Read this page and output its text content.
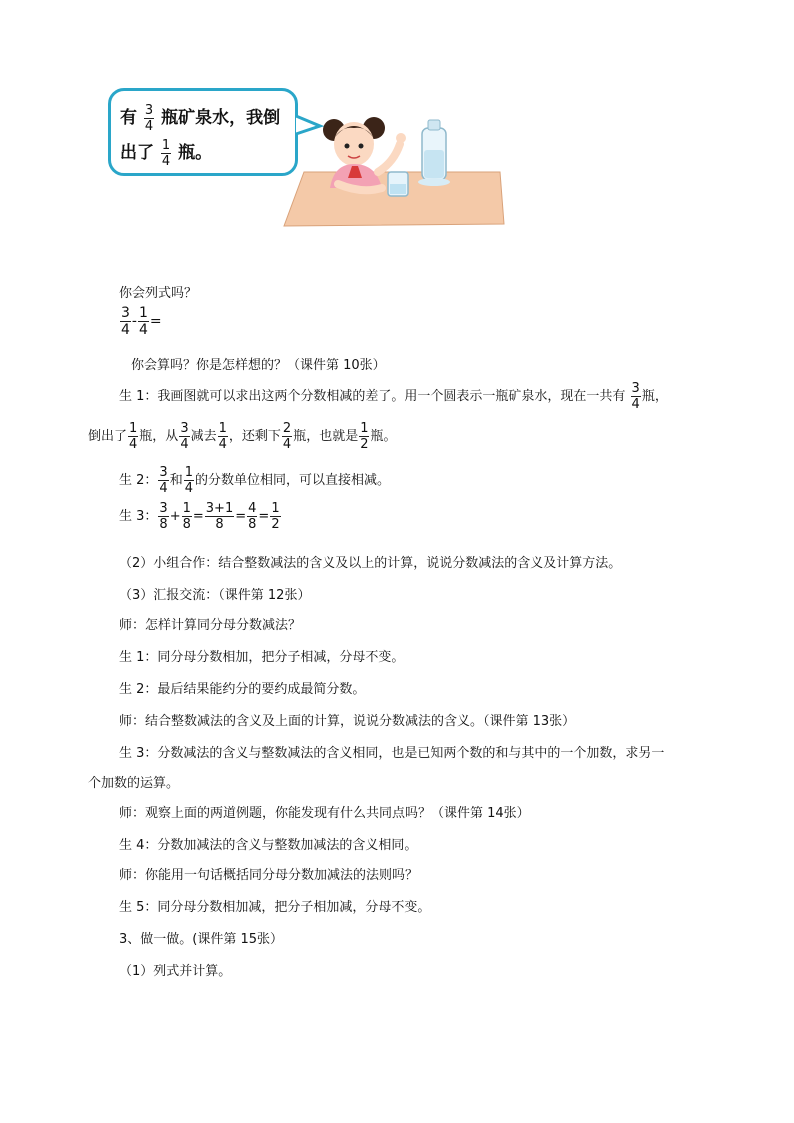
有 $\frac{3}{4}$ 瓶矿泉水，我倒
出了 $\frac{1}{4}$ 瓶。
你会列式吗？
$\frac{3}{4} - \frac{1}{4}$ =
你会算吗？你是怎样想的？（课件第 10张）
生 1：我画图就可以求出这两个分数相减的差了。用一个圆表示一瓶矿泉水，现在一共有 $\frac{3}{4}$ 瓶，
倒出了 $\frac{1}{4}$ 瓶，从 $\frac{3}{4}$ 减去 $\frac{1}{4}$ ，还剩下 $\frac{2}{4}$ 瓶，也就是 $\frac{1}{2}$ 瓶。
生 2： $\frac{3}{4}$ 和 $\frac{1}{4}$ 的分数单位相同，可以直接相减。
生 3： $\frac{3}{8} + \frac{1}{8} = \frac{3+1}{8} = \frac{4}{8} = \frac{1}{2}$
（2）小组合作：结合整数减法的含义及以上的计算，说说分数减法的含义及计算方法。
（3）汇报交流：（课件第 12张）
师：怎样计算同分母分数减法？
生 1：同分母分数相加，把分子相减，分母不变。
生 2：最后结果能约分的要约成最简分数。
师：结合整数减法的含义及上面的计算，说说分数减法的含义。（课件第 13张）
生 3：分数减法的含义与整数减法的含义相同，也是已知两个数的和与其中的一个加数，求另一
个加数的运算。
师：观察上面的两道例题，你能发现有什么共同点吗？（课件第 14张）
生 4：分数加减法的含义与整数加减法的含义相同。
师：你能用一句话概括同分母分数加减法的法则吗？
生 5：同分母分数相加减，把分子相加减，分母不变。
3、做一做。(课件第 15张）
（1）列式并计算。
